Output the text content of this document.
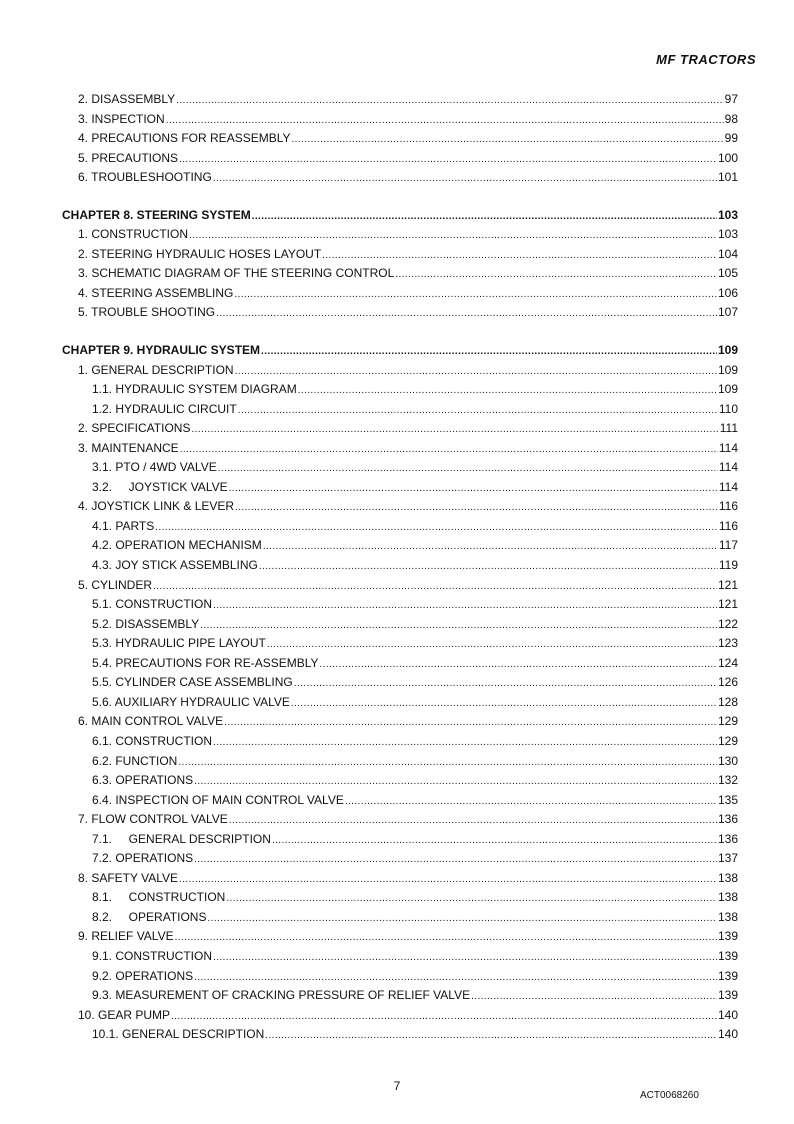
MF TRACTORS
2. DISASSEMBLY .....	97
3. INSPECTION .....	98
4. PRECAUTIONS FOR REASSEMBLY .....	99
5. PRECAUTIONS .....	100
6. TROUBLESHOOTING .....	101
CHAPTER 8. STEERING SYSTEM .....	103
1. CONSTRUCTION .....	103
2. STEERING HYDRAULIC HOSES LAYOUT .....	104
3. SCHEMATIC DIAGRAM OF THE STEERING CONTROL .....	105
4. STEERING ASSEMBLING .....	106
5. TROUBLE SHOOTING .....	107
CHAPTER 9. HYDRAULIC SYSTEM .....	109
1. GENERAL DESCRIPTION .....	109
1.1. HYDRAULIC SYSTEM DIAGRAM .....	109
1.2. HYDRAULIC CIRCUIT .....	110
2. SPECIFICATIONS .....	111
3. MAINTENANCE .....	114
3.1. PTO / 4WD VALVE .....	114
3.2.     JOYSTICK VALVE .....	114
4. JOYSTICK LINK & LEVER .....	116
4.1. PARTS .....	116
4.2. OPERATION MECHANISM .....	117
4.3. JOY STICK ASSEMBLING .....	119
5. CYLINDER .....	121
5.1. CONSTRUCTION .....	121
5.2. DISASSEMBLY .....	122
5.3. HYDRAULIC PIPE LAYOUT .....	123
5.4. PRECAUTIONS FOR RE-ASSEMBLY .....	124
5.5. CYLINDER CASE ASSEMBLING .....	126
5.6. AUXILIARY HYDRAULIC VALVE .....	128
6. MAIN CONTROL VALVE .....	129
6.1. CONSTRUCTION .....	129
6.2. FUNCTION .....	130
6.3. OPERATIONS .....	132
6.4. INSPECTION OF MAIN CONTROL VALVE .....	135
7. FLOW CONTROL VALVE .....	136
7.1.     GENERAL DESCRIPTION .....	136
7.2. OPERATIONS .....	137
8. SAFETY VALVE .....	138
8.1.     CONSTRUCTION .....	138
8.2.     OPERATIONS .....	138
9. RELIEF VALVE .....	139
9.1. CONSTRUCTION .....	139
9.2. OPERATIONS .....	139
9.3. MEASUREMENT OF CRACKING PRESSURE OF RELIEF VALVE .....	139
10. GEAR PUMP .....	140
10.1. GENERAL DESCRIPTION .....	140
7
ACT0068260
